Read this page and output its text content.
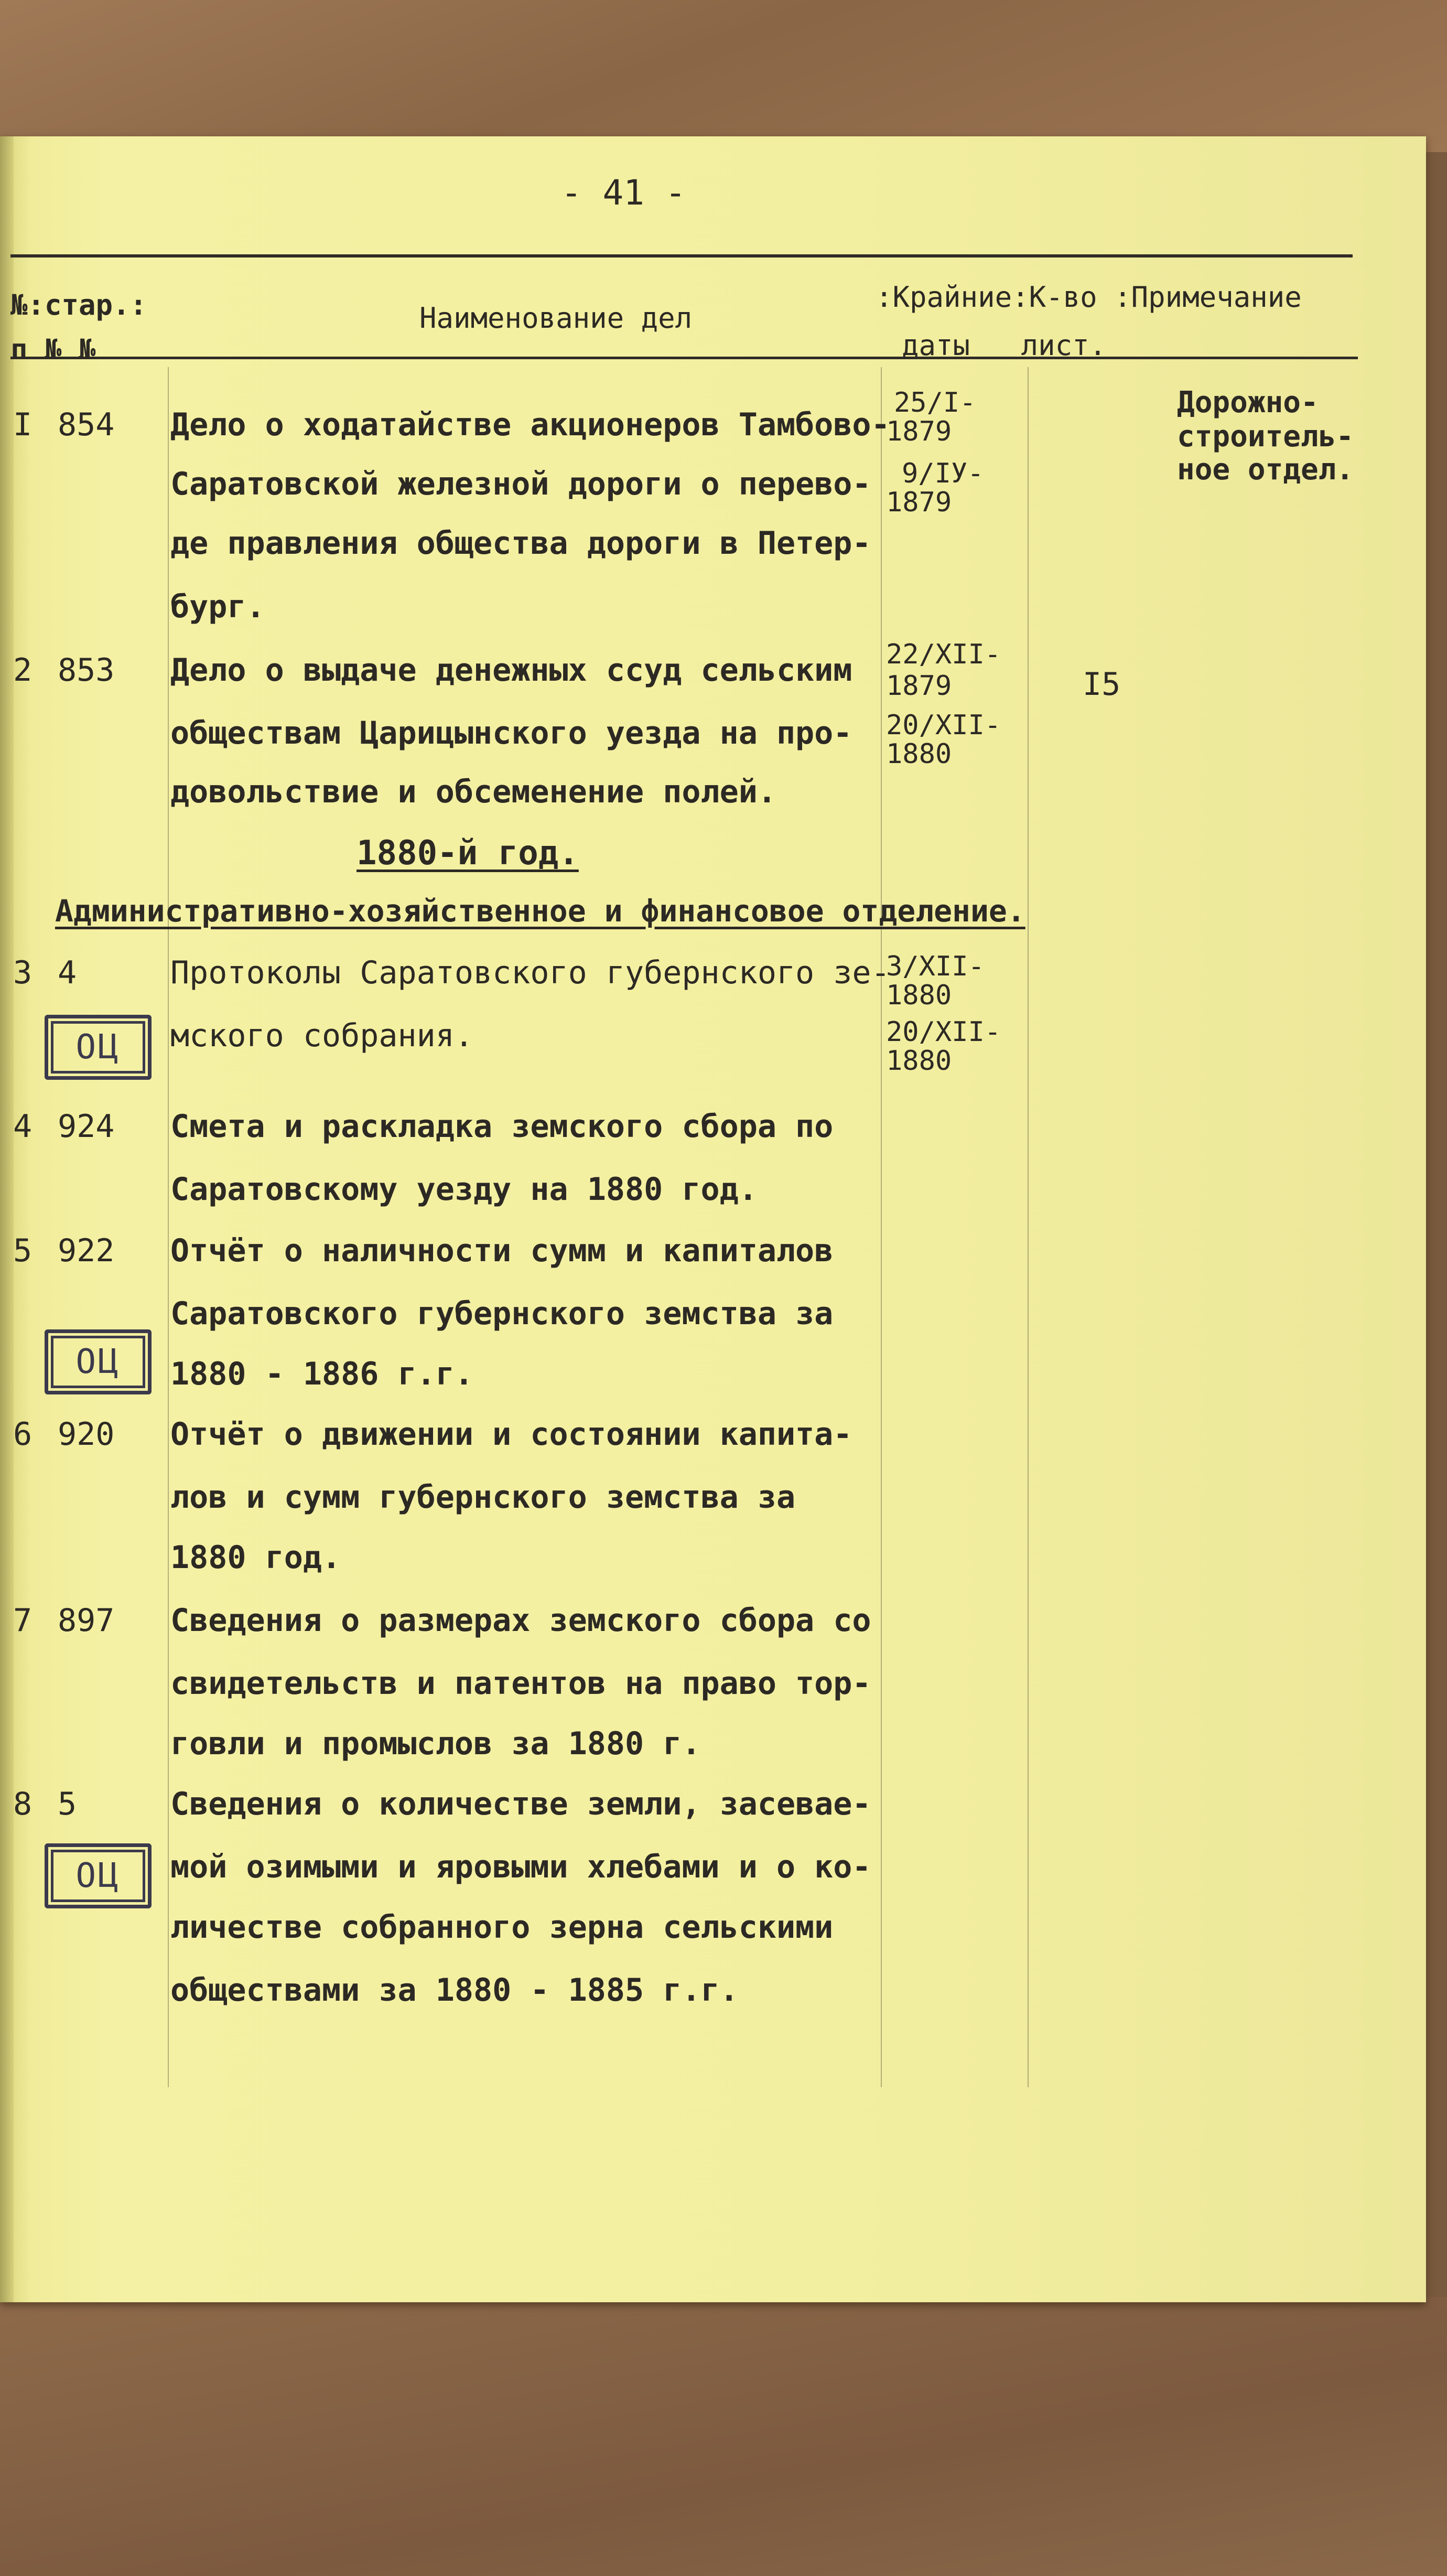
- 41 -
№:стар.:
п № №
Наименование дел
:Крайние:К-во :Примечание
даты   лист.
I 854 Дело о ходатайстве акционеров Тамбово-
Саратовской железной дороги о перево-
де правления общества дороги в Петер-
бург.
25/I-
1879
9/IУ-
1879
Дорожно-
строитель-
ное отдел.
2 853 Дело о выдаче денежных ссуд сельским
обществам Царицынского уезда на про-
довольствие и обсеменение полей.
22/XII-
1879
20/XII-
1880
I5
1880-й год.
Административно-хозяйственное и финансовое отделение.
3 4
ОЦ
Протоколы Саратовского губернского зе-
мского собрания.
3/XII-
1880
20/XII-
1880
4 924 Смета и раскладка земского сбора по
Саратовскому уезду на 1880 год.
5 922
ОЦ
Отчёт о наличности сумм и капиталов
Саратовского губернского земства за
1880 - 1886 г.г.
6 920 Отчёт о движении и состоянии капита-
лов и сумм губернского земства за
1880 год.
7 897 Сведения о размерах земского сбора со
свидетельств и патентов на право тор-
говли и промыслов за 1880 г.
8 5
ОЦ
Сведения о количестве земли, засевае-
мой озимыми и яровыми хлебами и о ко-
личестве собранного зерна сельскими
обществами за 1880 - 1885 г.г.
